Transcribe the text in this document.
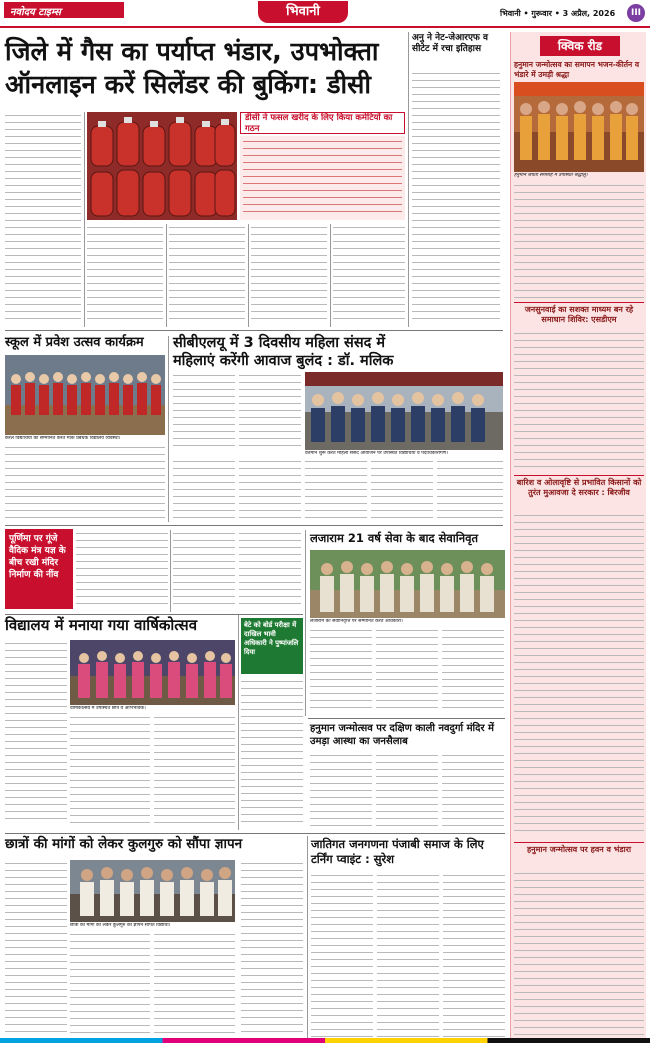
नवोदय टाइम्स	भिवानी	भिवानी • गुरूवार • 3 अप्रैल, 2026	III
जिले में गैस का पर्याप्त भंडार, उपभोक्ता
ऑनलाइन करें सिलेंडर की बुकिंग: डीसी
डीसी ने फसल खरीद के लिए किया कमेटियों का गठन
अनु ने नेट-जेआरएफ व सीटेट में रचा इतिहास
स्कूल में प्रवेश उत्सव कार्यक्रम
केरल विद्यार्थियों को सम्मानित करते मौके प्रबंधक विद्यालय व्यवस्था।
सीबीएलयू में 3 दिवसीय महिला संसद में
महिलाएं करेंगी आवाज बुलंद : डॉ. मलिक
वर्तमान शुरू करते महिला संसद आयोजन पर उपस्थित विद्यार्थियों व पदाधिकारीगण।
पूर्णिमा पर गूंजे वैदिक मंत्र यज्ञ के बीच रखी मंदिर निर्माण की नींव
लजाराम 21 वर्ष सेवा के बाद सेवानिवृत
लजाराम को सेवानिवृत्ति पर सम्मानित करते अधिकारी।
विद्यालय में मनाया गया वार्षिकोत्सव
वार्षिकोत्सव में उपस्थित छात्र व अभिभावक।
बेटे को बोर्ड परीक्षा में दाखिल भावी अधिकारी ने पुष्पांजलि दिया
हनुमान जन्मोत्सव पर दक्षिण काली नवदुर्गा मंदिर में उमड़ा आस्था का जनसैलाब
छात्रों की मांगों को लेकर कुलगुरु को सौंपा ज्ञापन
छात्रों की मांगों को लेकर कुलगुरु को ज्ञापन सौंपते विद्यार्थी।
जातिगत जनगणना पंजाबी समाज के लिए टर्निंग प्वाइंट : सुरेश
क्विक रीड
हनुमान जन्मोत्सव का समापन भजन-कीर्तन व भंडारे में उमड़ी श्रद्धा
हनुमान जयंती समारोह में उपस्थित श्रद्धालु।
जनसुनवाई का सशक्त माध्यम बन रहे समाधान शिविर: एसडीएम
बारिश व ओलावृष्टि से प्रभावित किसानों को तुरंत मुआवजा दे सरकार : बिरजीव
हनुमान जन्मोत्सव पर हवन व भंडारा
